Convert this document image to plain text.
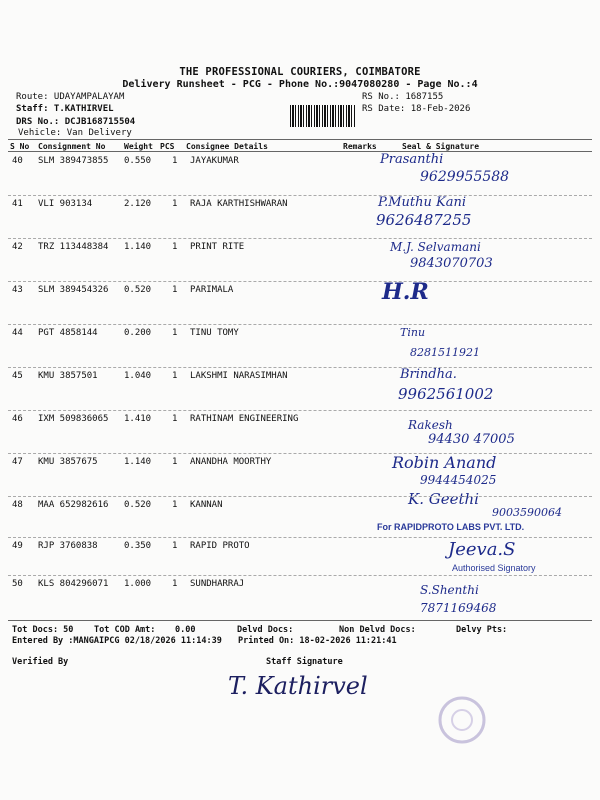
THE PROFESSIONAL COURIERS, COIMBATORE
Delivery Runsheet - PCG - Phone No.:9047080280 - Page No.:4
Route: UDAYAMPALAYAM
Staff: T.KATHIRVEL
DRS No.: DCJB168715504
Vehicle: Van Delivery
RS No.: 1687155
RS Date: 18-Feb-2026
S No Consignment No Weight PCS Consignee Details	Remarks	Seal & Signature
40 SLM 389473855 0.550 1 JAYAKUMAR	Prasanthi
9629955588
41 VLI 903134	2.120 1 RAJA KARTHISHWARAN	P.Muthu Kani
9626487255
42 TRZ 113448384 1.140 1 PRINT RITE	M.J. Selvamani
9843070703
43 SLM 389454326 0.520 1 PARIMALA	H.R
44 PGT 4858144	0.200 1 TINU TOMY	Tinu
8281511921
45 KMU 3857501	1.040 1 LAKSHMI NARASIMHAN	Brindha.
9962561002
46 IXM 509836065 1.410 1 RATHINAM ENGINEERING	Rakesh
94430 47005
47 KMU 3857675	1.140 1 ANANDHA MOORTHY	Robin Anand
9944454025
48 MAA 652982616 0.520 1 KANNAN	K. Geethi
9003590064
For RAPIDPROTO LABS PVT. LTD.
49 RJP 3760838	0.350 1 RAPID PROTO	Jeeva.S
Authorised Signatory
50 KLS 804296071 1.000 1 SUNDHARRAJ	S.Shenthi
7871169468
Tot Docs: 50 Tot COD Amt: 0.00	Delvd Docs:	Non Delvd Docs:	Delvy Pts:
Entered By :MANGAIPCG 02/18/2026 11:14:39 Printed On: 18-02-2026 11:21:41
Verified By	Staff Signature
T. Kathirvel
